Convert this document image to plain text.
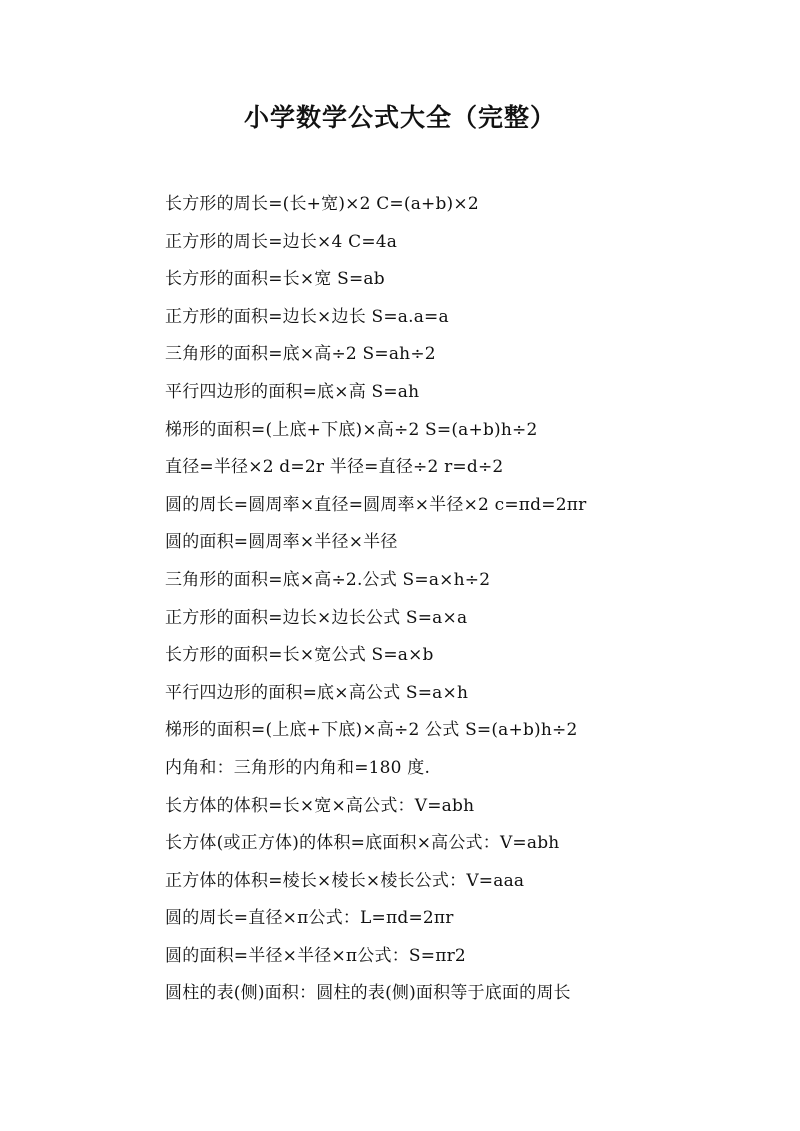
小学数学公式大全（完整）
长方形的周长=(长+宽)×2 C=(a+b)×2
正方形的周长=边长×4 C=4a
长方形的面积=长×宽 S=ab
正方形的面积=边长×边长 S=a.a=a
三角形的面积=底×高÷2 S=ah÷2
平行四边形的面积=底×高 S=ah
梯形的面积=(上底+下底)×高÷2 S=(a+b)h÷2
直径=半径×2 d=2r 半径=直径÷2 r=d÷2
圆的周长=圆周率×直径=圆周率×半径×2 c=πd=2πr
圆的面积=圆周率×半径×半径
三角形的面积=底×高÷2.公式 S=a×h÷2
正方形的面积=边长×边长公式 S=a×a
长方形的面积=长×宽公式 S=a×b
平行四边形的面积=底×高公式 S=a×h
梯形的面积=(上底+下底)×高÷2 公式 S=(a+b)h÷2
内角和：三角形的内角和=180 度.
长方体的体积=长×宽×高公式：V=abh
长方体(或正方体)的体积=底面积×高公式：V=abh
正方体的体积=棱长×棱长×棱长公式：V=aaa
圆的周长=直径×π公式：L=πd=2πr
圆的面积=半径×半径×π公式：S=πr2
圆柱的表(侧)面积：圆柱的表(侧)面积等于底面的周长
